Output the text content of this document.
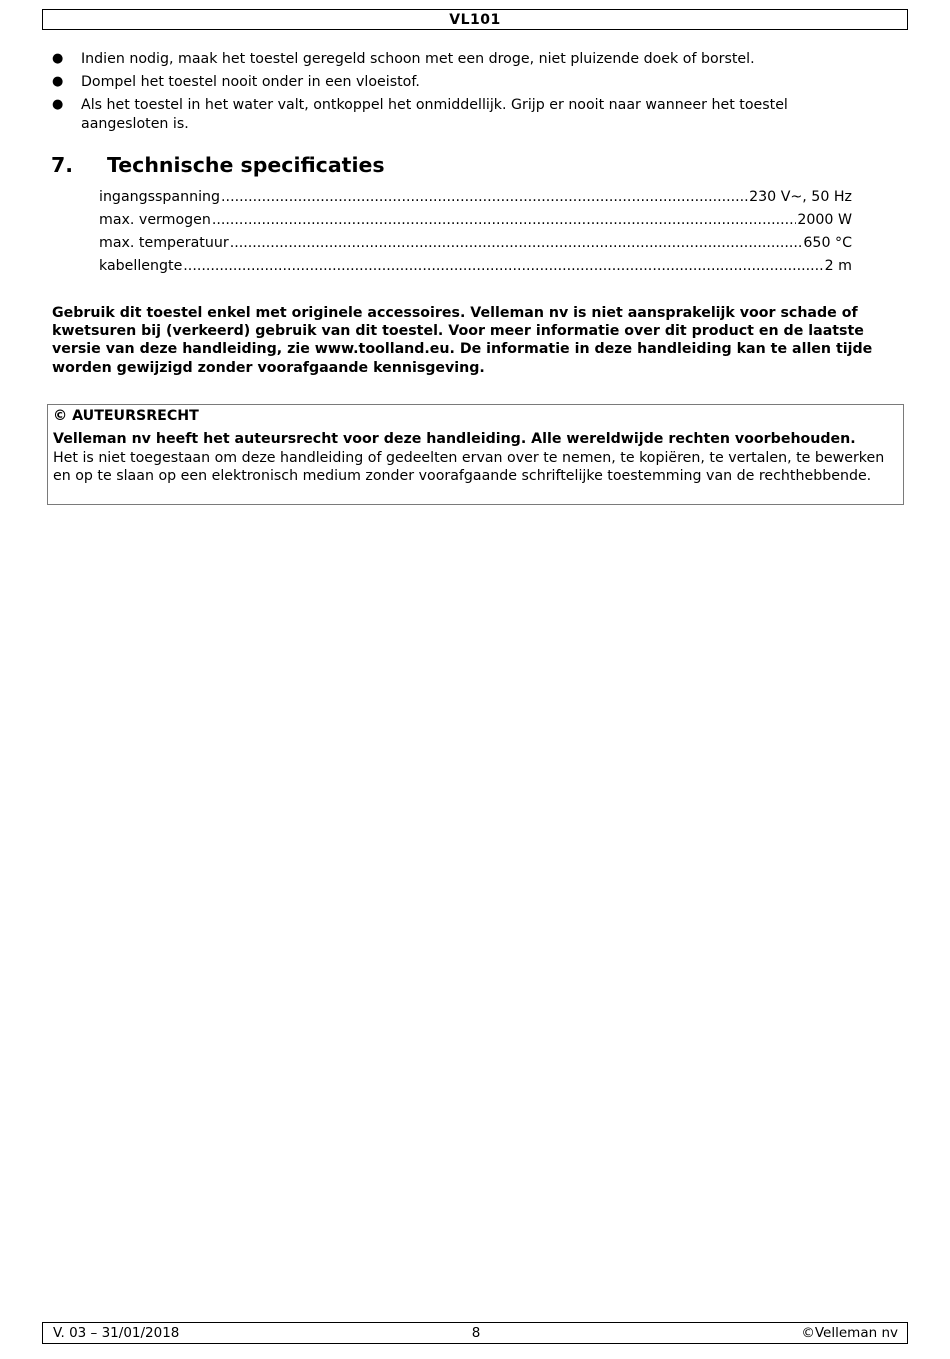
VL101
● Indien nodig, maak het toestel geregeld schoon met een droge, niet pluizende doek of borstel.
● Dompel het toestel nooit onder in een vloeistof.
● Als het toestel in het water valt, ontkoppel het onmiddellijk. Grijp er nooit naar wanneer het toestel aangesloten is.
7. Technische specificaties
ingangsspanning .....	230 V~, 50 Hz
max. vermogen .....	2000 W
max. temperatuur .....	650 °C
kabellengte .....	2 m
Gebruik dit toestel enkel met originele accessoires. Velleman nv is niet aansprakelijk voor schade of kwetsuren bij (verkeerd) gebruik van dit toestel. Voor meer informatie over dit product en de laatste versie van deze handleiding, zie www.toolland.eu. De informatie in deze handleiding kan te allen tijde worden gewijzigd zonder voorafgaande kennisgeving.
© AUTEURSRECHT
Velleman nv heeft het auteursrecht voor deze handleiding. Alle wereldwijde rechten voorbehouden.
Het is niet toegestaan om deze handleiding of gedeelten ervan over te nemen, te kopiëren, te vertalen, te bewerken en op te slaan op een elektronisch medium zonder voorafgaande schriftelijke toestemming van de rechthebbende.
8
V. 03 – 31/01/2018	©Velleman nv
